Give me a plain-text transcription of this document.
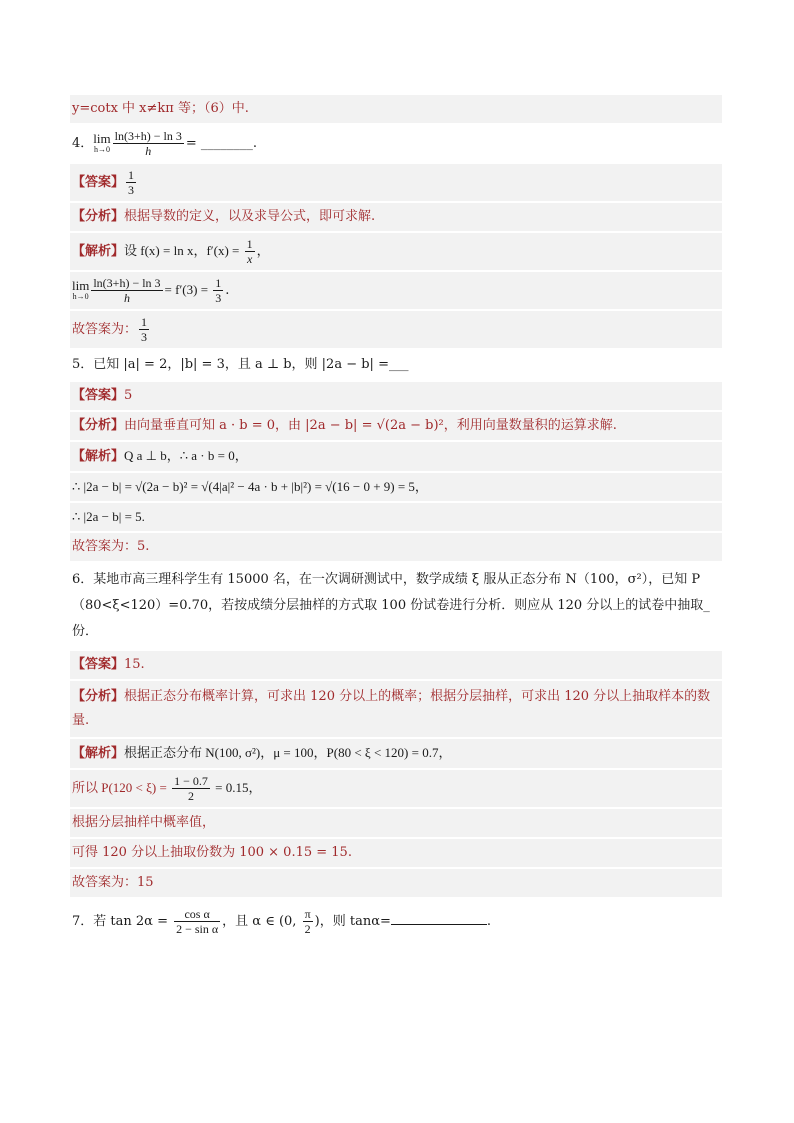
y=cotx 中 x≠kπ 等；（6）中.
4．lim
$h\to 0 \frac{\ln(3+h) - \ln 3}{h}$ = ________.
【答案】 $\frac{1}{3}$
【分析】根据导数的定义，以及求导公式，即可求解.
【解析】设 f(x) = ln x，$f'(x) = \frac{1}{x}$ ，
lim
$h\to 0 \frac{\ln(3+h) - \ln 3}{h} = f'(3) = \frac{1}{3}$ .
故答案为： $\frac{1}{3}$
5．已知 |a| = 2，|b| = 3，且 a ⊥ b，则 |2a − b| =___
【答案】5
【分析】由向量垂直可知 a · b = 0，由 |2a − b| = √(2a − b)²，利用向量数量积的运算求解.
【解析】Q a ⊥ b，∴ a · b = 0，
∴ |2a − b| = √(2a − b)² = √(4|a|² − 4a · b + |b|²) = √(16 − 0 + 9) = 5，
∴ |2a − b| = 5.
故答案为：5.
6．某地市高三理科学生有 15000 名，在一次调研测试中，数学成绩 ξ 服从正态分布 N（100，σ²），已知 P（80<ξ<120）=0.70，若按成绩分层抽样的方式取 100 份试卷进行分析．则应从 120 分以上的试卷中抽取_份．
【答案】15.
【分析】根据正态分布概率计算，可求出 120 分以上的概率；根据分层抽样，可求出 120 分以上抽取样本的数量.
【解析】根据正态分布 N(100, σ²)，μ = 100，P(80 < ξ < 120) = 0.7，
所以 $P(120 < \xi) = \frac{1 - 0.7}{2} = 0.15$，
根据分层抽样中概率值，
可得 120 分以上抽取份数为 100 × 0.15 = 15.
故答案为：15
7．若 $\tan 2\alpha = \frac{\text{cos α}}{\text{2 − sin α}}$ ，且 α ∈ (0, $\frac{\pi}{2}$ )，则 tanα=	.
